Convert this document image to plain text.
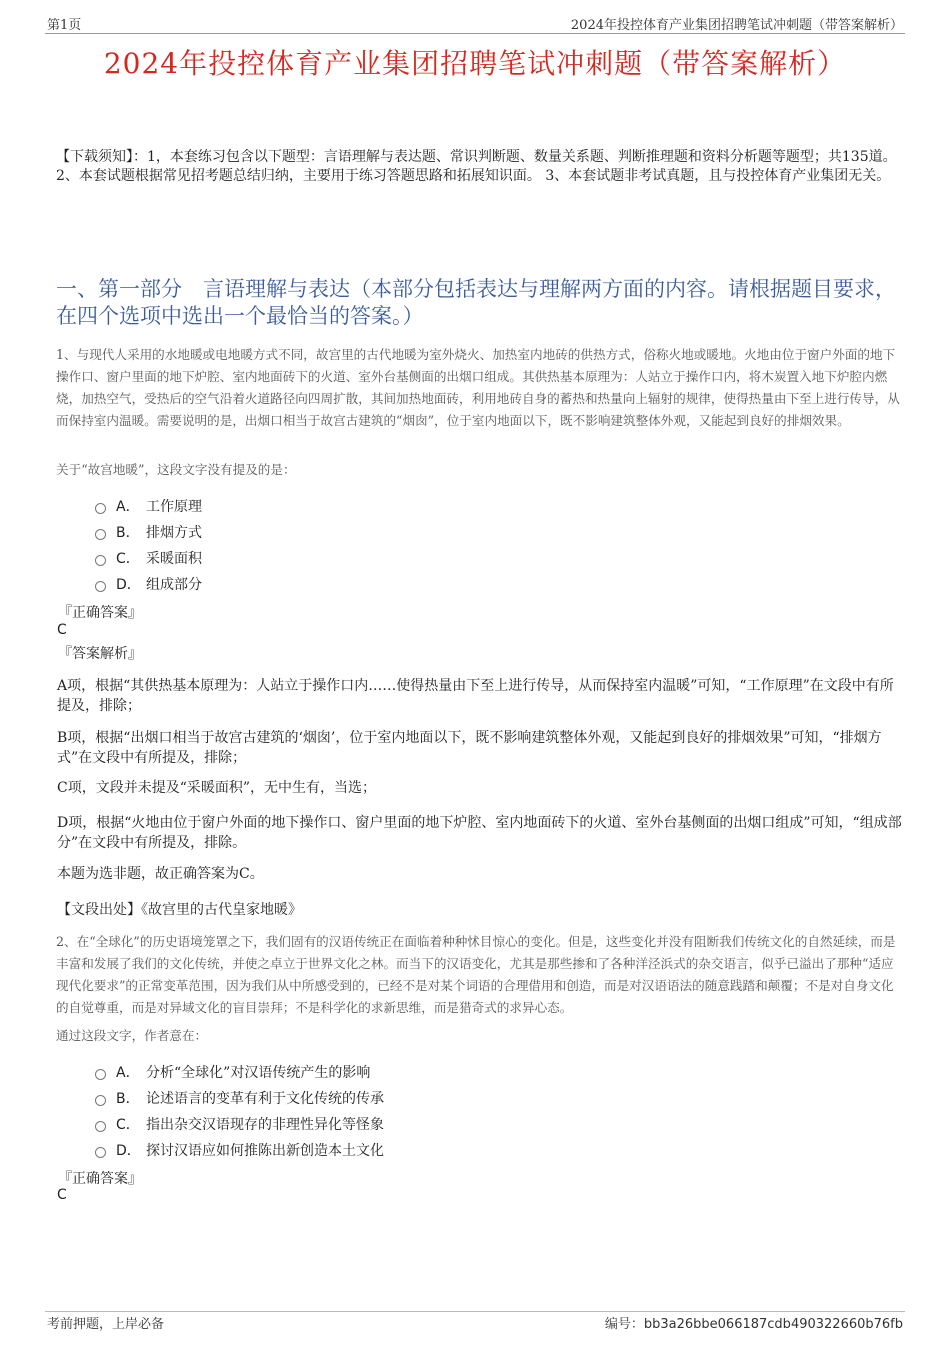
第1页	2024年投控体育产业集团招聘笔试冲刺题（带答案解析）
2024年投控体育产业集团招聘笔试冲刺题（带答案解析）
【下载须知】：1，本套练习包含以下题型：言语理解与表达题、常识判断题、数量关系题、判断推理题和资料分析题等题型；共135道。 2、本套试题根据常见招考题总结归纳，主要用于练习答题思路和拓展知识面。 3、本套试题非考试真题，且与投控体育产业集团无关。
一、第一部分　言语理解与表达（本部分包括表达与理解两方面的内容。请根据题目要求，在四个选项中选出一个最恰当的答案。）
1、与现代人采用的水地暖或电地暖方式不同，故宫里的古代地暖为室外烧火、加热室内地砖的供热方式，俗称火地或暖地。火地由位于窗户外面的地下操作口、窗户里面的地下炉腔、室内地面砖下的火道、室外台基侧面的出烟口组成。其供热基本原理为：人站立于操作口内，将木炭置入地下炉腔内燃烧，加热空气，受热后的空气沿着火道路径向四周扩散，其间加热地面砖，利用地砖自身的蓄热和热量向上辐射的规律，使得热量由下至上进行传导，从而保持室内温暖。需要说明的是，出烟口相当于故宫古建筑的“烟囱”，位于室内地面以下，既不影响建筑整体外观，又能起到良好的排烟效果。
关于“故宫地暖”，这段文字没有提及的是：
A． 工作原理
B． 排烟方式
C． 采暖面积
D． 组成部分
『正确答案』
C
『答案解析』
A项，根据“其供热基本原理为：人站立于操作口内……使得热量由下至上进行传导，从而保持室内温暖”可知，“工作原理”在文段中有所提及，排除；
B项，根据“出烟口相当于故宫古建筑的‘烟囱’，位于室内地面以下，既不影响建筑整体外观，又能起到良好的排烟效果”可知，“排烟方式”在文段中有所提及，排除；
C项，文段并未提及“采暖面积”，无中生有，当选；
D项，根据“火地由位于窗户外面的地下操作口、窗户里面的地下炉腔、室内地面砖下的火道、室外台基侧面的出烟口组成”可知，“组成部分”在文段中有所提及，排除。
本题为选非题，故正确答案为C。
【文段出处】《故宫里的古代皇家地暖》
2、在“全球化”的历史语境笼罩之下，我们固有的汉语传统正在面临着种种怵目惊心的变化。但是，这些变化并没有阻断我们传统文化的自然延续，而是丰富和发展了我们的文化传统，并使之卓立于世界文化之林。而当下的汉语变化，尤其是那些掺和了各种洋泾浜式的杂交语言，似乎已溢出了那种“适应现代化要求”的正常变革范围，因为我们从中所感受到的，已经不是对某个词语的合理借用和创造，而是对汉语语法的随意践踏和颠覆；不是对自身文化的自觉尊重，而是对异域文化的盲目崇拜；不是科学化的求新思维，而是猎奇式的求异心态。
通过这段文字，作者意在：
A． 分析“全球化”对汉语传统产生的影响
B． 论述语言的变革有利于文化传统的传承
C． 指出杂交汉语现存的非理性异化等怪象
D． 探讨汉语应如何推陈出新创造本土文化
『正确答案』
C
考前押题，上岸必备	编号：bb3a26bbe066187cdb490322660b76fb
